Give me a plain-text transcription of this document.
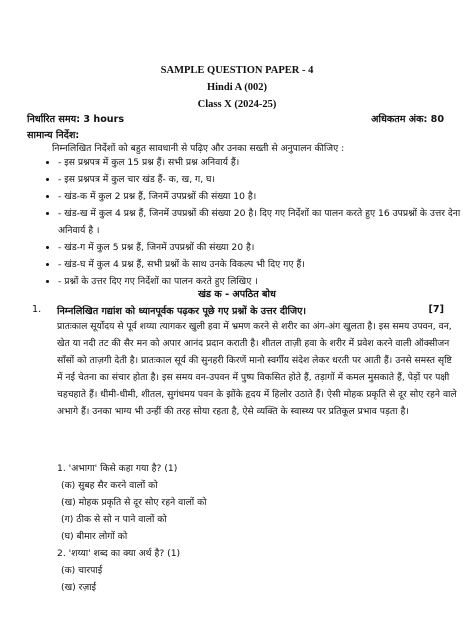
SAMPLE QUESTION PAPER - 4
Hindi A (002)
Class X (2024-25)
निर्धारित समय: 3 hours	अधिकतम अंक: 80
सामान्य निर्देश:
निम्नलिखित निर्देशों को बहुत सावधानी से पढ़िए और उनका सख्ती से अनुपालन कीजिए :
• - इस प्रश्नपत्र में कुल 15 प्रश्न हैं। सभी प्रश्न अनिवार्य हैं।
• - इस प्रश्नपत्र में कुल चार खंड हैं- क, ख, ग, घ।
• - खंड-क में कुल 2 प्रश्न हैं, जिनमें उपप्रश्नों की संख्या 10 है।
• - खंड-ख में कुल 4 प्रश्न हैं, जिनमें उपप्रश्नों की संख्या 20 है। दिए गए निर्देशों का पालन करते हुए 16 उपप्रश्नों के उत्तर देना अनिवार्य है ।
• - खंड-ग में कुल 5 प्रश्न हैं, जिनमें उपप्रश्नों की संख्या 20 है।
• - खंड-घ में कुल 4 प्रश्न हैं, सभी प्रश्नों के साथ उनके विकल्प भी दिए गए हैं।
• - प्रश्नों के उत्तर दिए गए निर्देशों का पालन करते हुए लिखिए ।
खंड क - अपठित बोध
1. निम्नलिखित गद्यांश को ध्यानपूर्वक पढ़कर पूछे गए प्रश्नों के उत्तर दीजिए।	[7]
प्रातःकाल सूर्योदय से पूर्व शय्या त्यागकर खुली हवा में भ्रमण करने से शरीर का अंग-अंग खुलता है। इस समय उपवन, वन, खेत या नदी तट की सैर मन को अपार आनंद प्रदान कराती है। शीतल ताज़ी हवा के शरीर में प्रवेश करने वाली ऑक्सीजन साँसों को ताज़गी देती है। प्रातःकाल सूर्य की सुनहरी किरणें मानो स्वर्गीय संदेश लेकर धरती पर आती हैं। उनसे समस्त सृष्टि में नई चेतना का संचार होता है। इस समय वन-उपवन में पुष्प विकसित होते हैं, तड़ागों में कमल मुसकाते हैं, पेड़ों पर पक्षी चहचहाते हैं। धीमी-धीमी, शीतल, सुगंधमय पवन के झोंके हृदय में हिलोर उठाते हैं। ऐसी मोहक प्रकृति से दूर सोए रहने वाले अभागे हैं। उनका भाग्य भी उन्हीं की तरह सोया रहता है, ऐसे व्यक्ति के स्वास्थ्य पर प्रतिकूल प्रभाव पड़ता है।
1. 'अभागा' किसे कहा गया है? (1)
(क) सुबह सैर करने वालों को
(ख) मोहक प्रकृति से दूर सोए रहने वालों को
(ग) ठीक से सो न पाने वालों को
(घ) बीमार लोगों को
2. 'शय्या' शब्द का क्या अर्थ है? (1)
(क) चारपाई
(ख) रज़ाई
